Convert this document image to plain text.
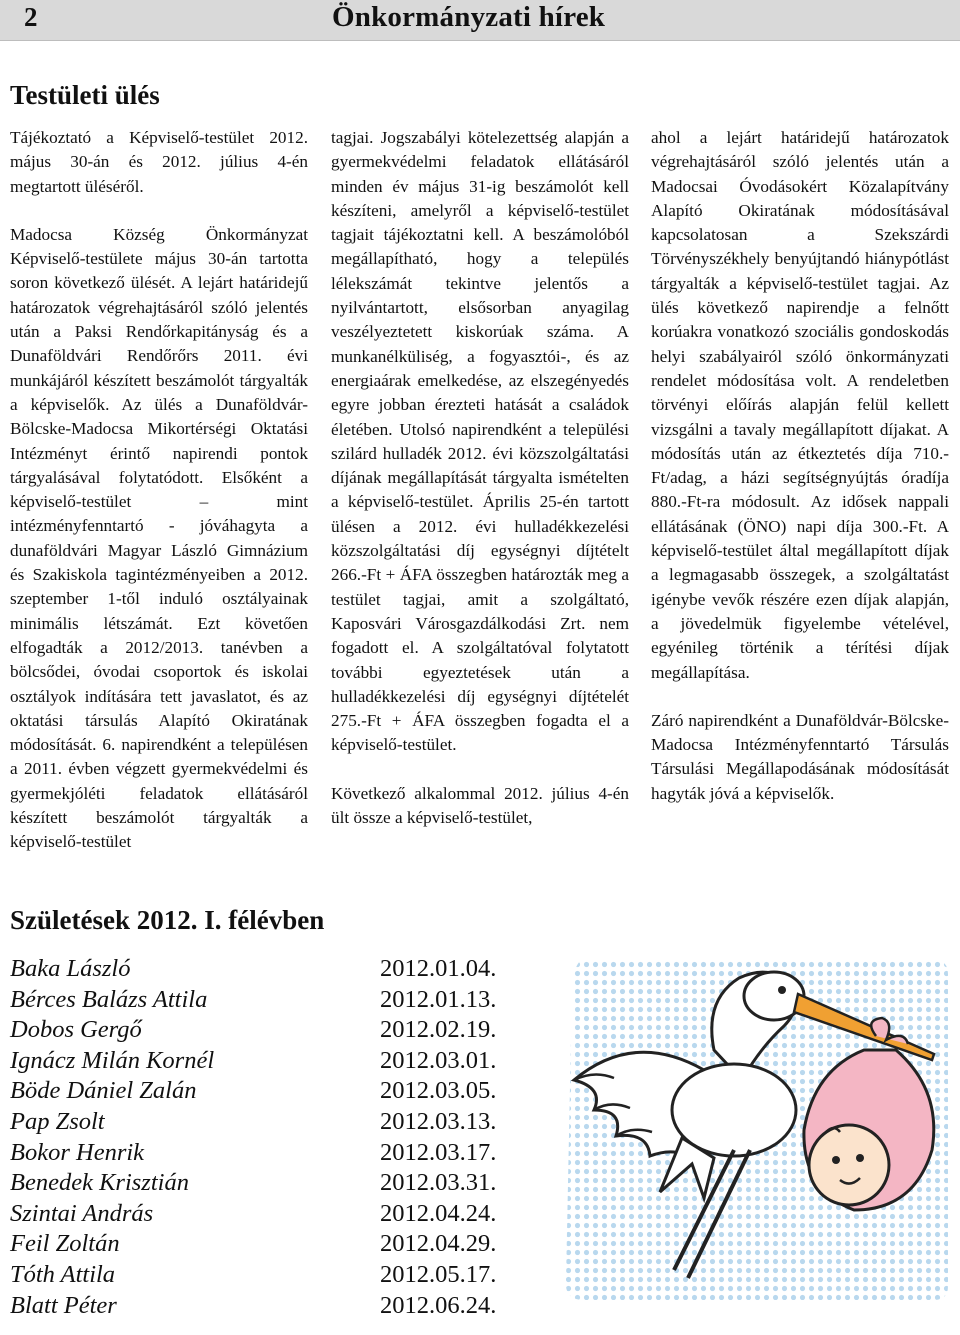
2	Önkormányzati hírek
Testületi ülés

Tájékoztató a Képviselő-testület 2012. május 30-án és 2012. július 4-én megtartott üléséről.

Madocsa Község Önkormányzat Képviselő-testülete május 30-án tartotta soron következő ülését. A lejárt határidejű határozatok végrehajtásáról szóló jelentés után a Paksi Rendőrkapitányság és a Dunaföldvári Rendőrőrs 2011. évi munkájáról készített beszámolót tárgyalták a képviselők. Az ülés a Dunaföldvár-Bölcske-Madocsa Mikortérségi Oktatási Intézményt érintő napirendi pontok tárgyalásával folytatódott. Elsőként a képviselő-testület – mint intézményfenntartó - jóváhagyta a dunaföldvári Magyar László Gimnázium és Szakiskola tagintézményeiben a 2012. szeptember 1-től induló osztályainak minimális létszámát. Ezt követően elfogadták a 2012/2013. tanévben a bölcsődei, óvodai csoportok és iskolai osztályok indítására tett javaslatot, és az oktatási társulás Alapító Okiratának módosítását. 6. napirendként a településen a 2011. évben végzett gyermekvédelmi és gyermekjóléti feladatok ellátásáról készített beszámolót tárgyalták a képviselő-testület

tagjai. Jogszabályi kötelezettség alapján a gyermekvédelmi feladatok ellátásáról minden év május 31-ig beszámolót kell készíteni, amelyről a képviselő-testület tagjait tájékoztatni kell. A beszámolóból megállapítható, hogy a település lélekszámát tekintve jelentős a nyilvántartott, elsősorban anyagilag veszélyeztetett kiskorúak száma. A munkanélküliség, a fogyasztói-, és az energiaárak emelkedése, az elszegényedés egyre jobban érezteti hatását a családok életében. Utolsó napirendként a települési szilárd hulladék 2012. évi közszolgáltatási díjának megállapítását tárgyalta ismételten a képviselő-testület. Április 25-én tartott ülésen a 2012. évi hulladékkezelési közszolgáltatási díj egységnyi díjtételt 266.-Ft + ÁFA összegben határozták meg a testület tagjai, amit a szolgáltató, Kaposvári Városgazdálkodási Zrt. nem fogadott el. A szolgáltatóval folytatott további egyeztetések után a hulladékkezelési díj egységnyi díjtételét 275.-Ft + ÁFA összegben fogadta el a képviselő-testület.

Következő alkalommal 2012. július 4-én ült össze a képviselő-testület,

ahol a lejárt határidejű határozatok végrehajtásáról szóló jelentés után a Madocsai Óvodásokért Közalapítvány Alapító Okiratának módosításával kapcsolatosan a Szekszárdi Törvényszékhely benyújtandó hiánypótlást tárgyalták a képviselő-testület tagjai. Az ülés következő napirendje a felnőtt korúakra vonatkozó szociális gondoskodás helyi szabályairól szóló önkormányzati rendelet módosítása volt. A rendeletben törvényi előírás alapján felül kellett vizsgálni a tavaly megállapított díjakat. A módosítás után az étkeztetés díja 710.-Ft/adag, a házi segítségnyújtás óradíja 880.-Ft-ra módosult. Az idősek nappali ellátásának (ÖNO) napi díja 300.-Ft. A képviselő-testület által megállapított díjak a legmagasabb összegek, a szolgáltatást igénybe vevők részére ezen díjak alapján, a jövedelmük figyelembe vételével, egyénileg történik a térítési díjak megállapítása.

Záró napirendként a Dunaföldvár-Bölcske-Madocsa Intézményfenntartó Társulás Társulási Megállapodásának módosítását hagyták jóvá a képviselők.

Születések 2012. I. félévben
Baka László	2012.01.04.
Bérces Balázs Attila	2012.01.13.
Dobos Gergő	2012.02.19.
Ignácz Milán Kornél	2012.03.01.
Böde Dániel Zalán	2012.03.05.
Pap Zsolt	2012.03.13.
Bokor Henrik	2012.03.17.
Benedek Krisztián	2012.03.31.
Szintai András	2012.04.24.
Feil Zoltán	2012.04.29.
Tóth Attila	2012.05.17.
Blatt Péter	2012.06.24.
